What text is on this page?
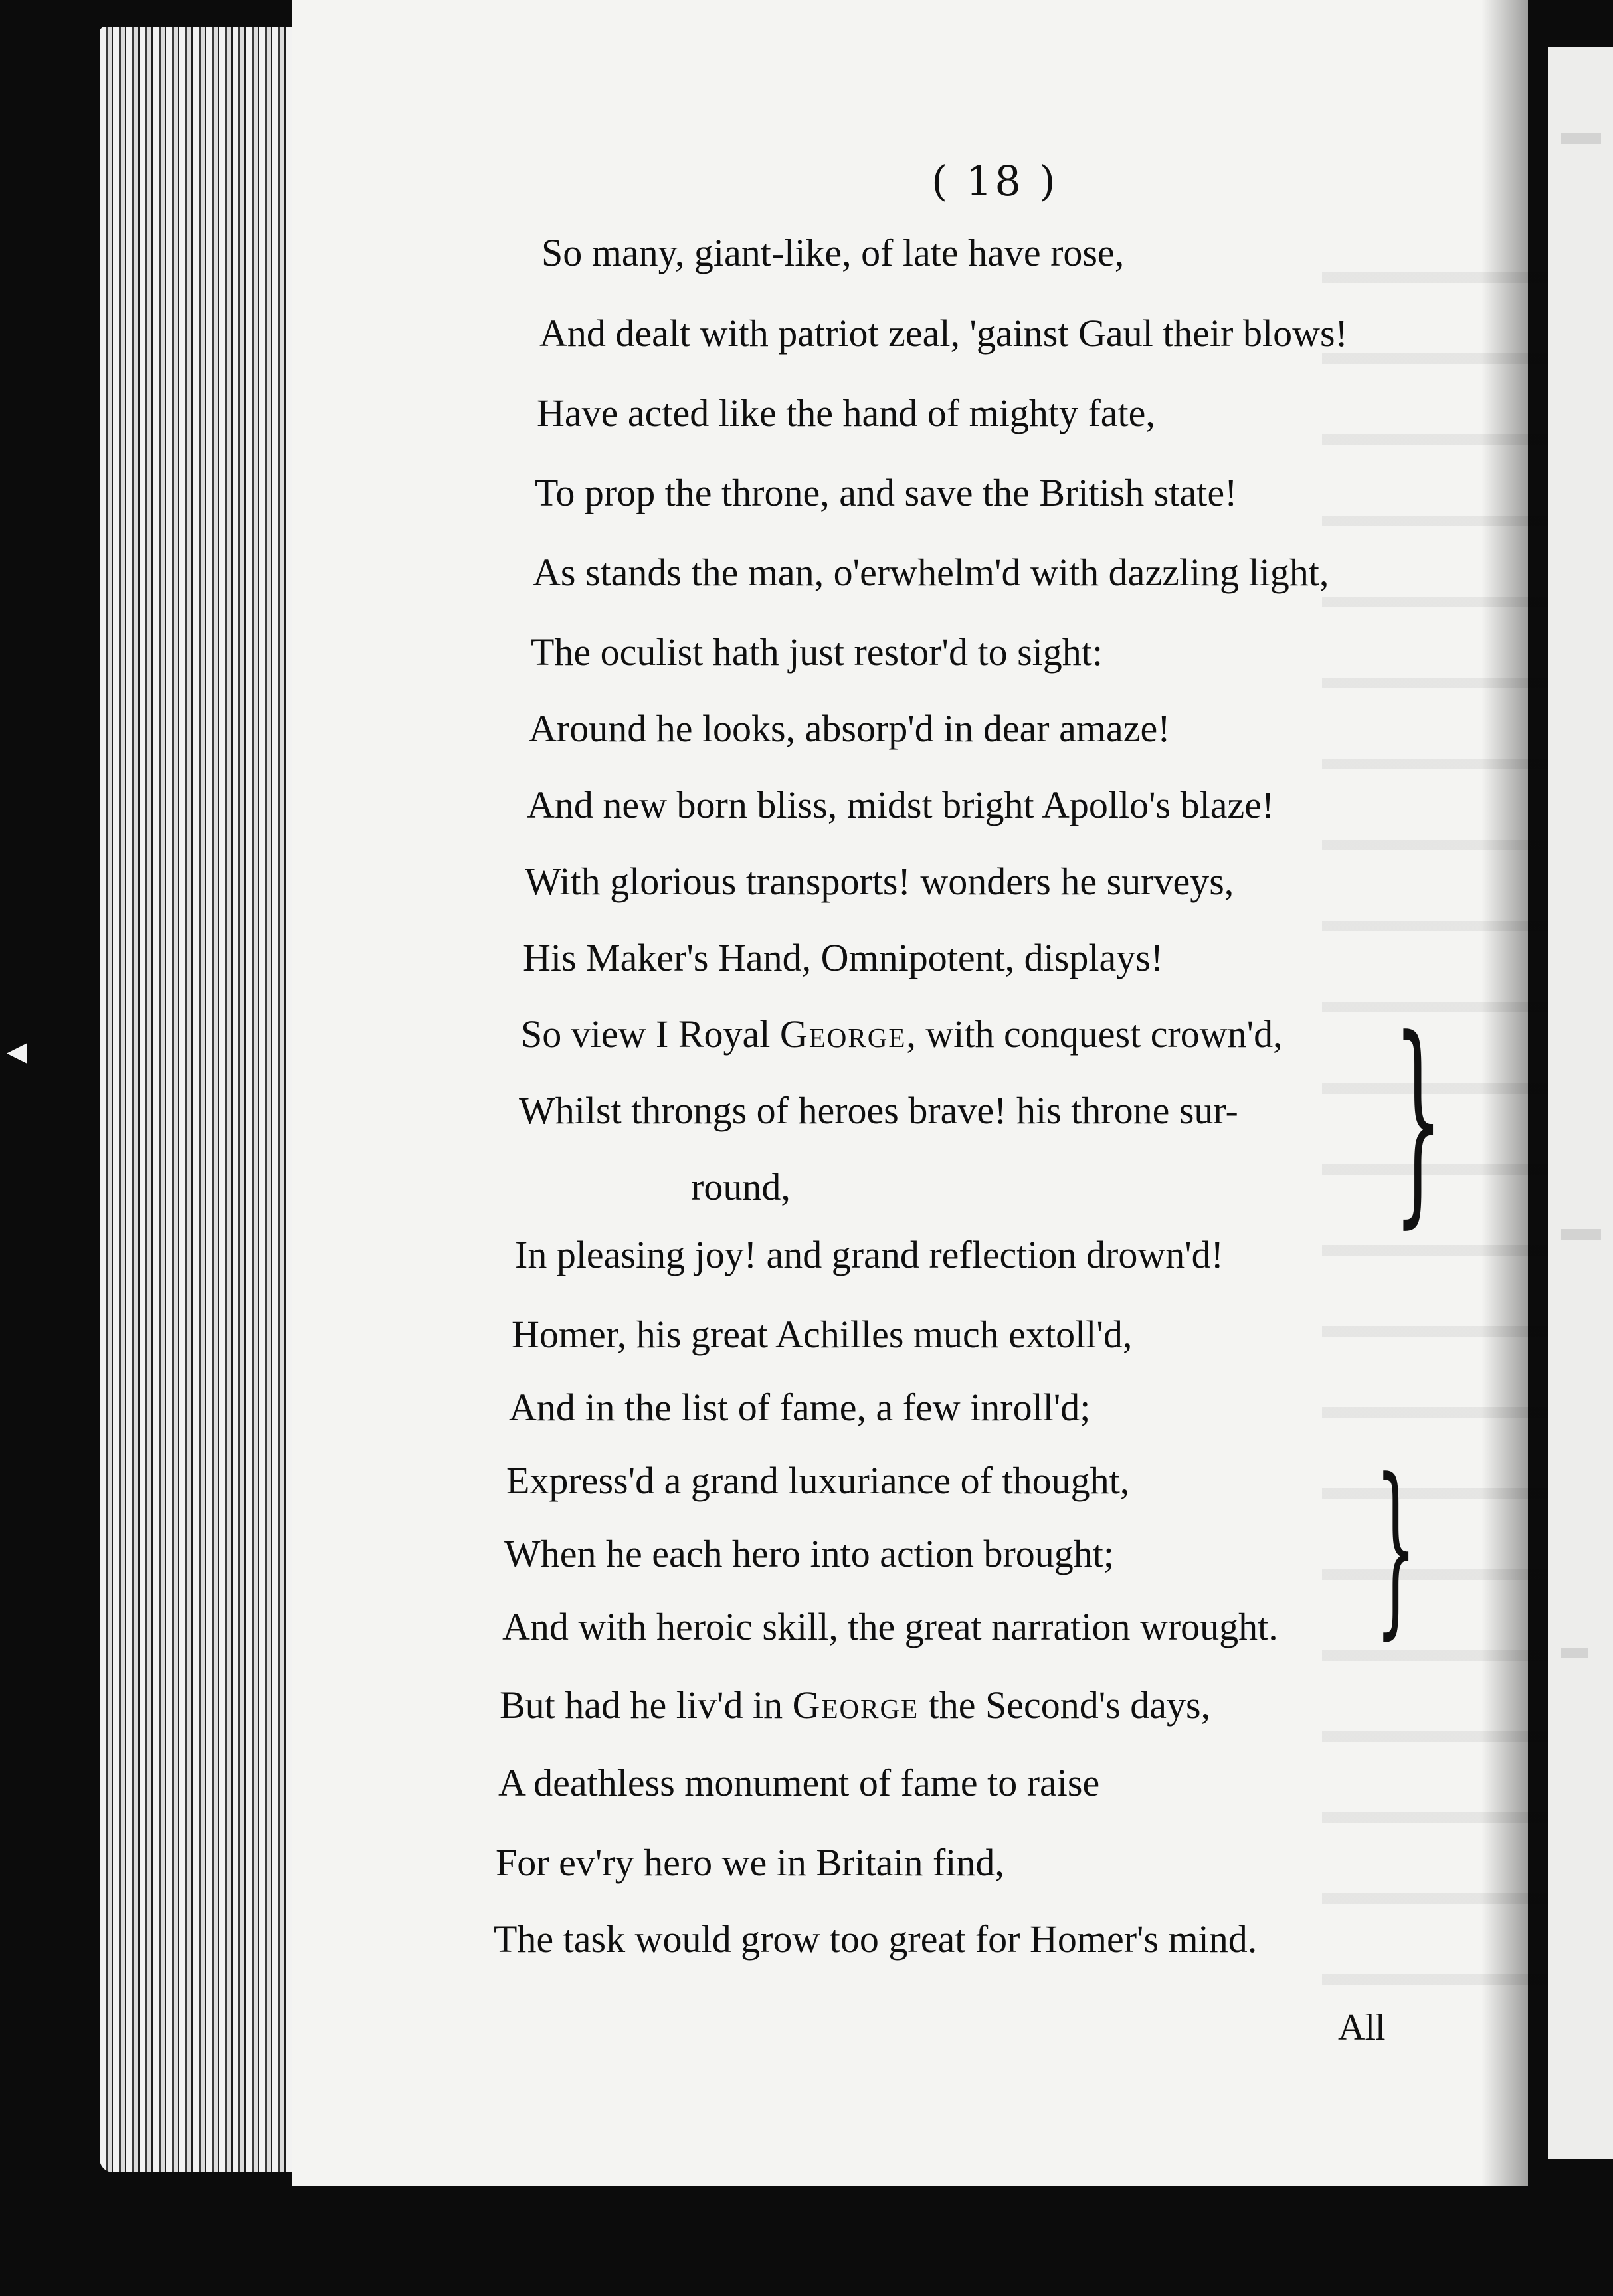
◀
( 18 )
So many, giant-like, of late have rose,
And dealt with patriot zeal, 'gainst Gaul their blows!
Have acted like the hand of mighty fate,
To prop the throne, and save the British state!
As stands the man, o'erwhelm'd with dazzling light,
The oculist hath just restor'd to sight:
Around he looks, absorp'd in dear amaze!
And new born bliss, midst bright Apollo's blaze!
With glorious transports! wonders he surveys,
His Maker's Hand, Omnipotent, displays!
So view I Royal George, with conquest crown'd,
Whilst throngs of heroes brave! his throne sur-
round,
In pleasing joy! and grand reflection drown'd!
}
Homer, his great Achilles much extoll'd,
And in the list of fame, a few inroll'd;
Express'd a grand luxuriance of thought,
When he each hero into action brought;
And with heroic skill, the great narration wrought. }
But had he liv'd in George the Second's days,
A deathless monument of fame to raise
For ev'ry hero we in Britain find,
The task would grow too great for Homer's mind.
All
